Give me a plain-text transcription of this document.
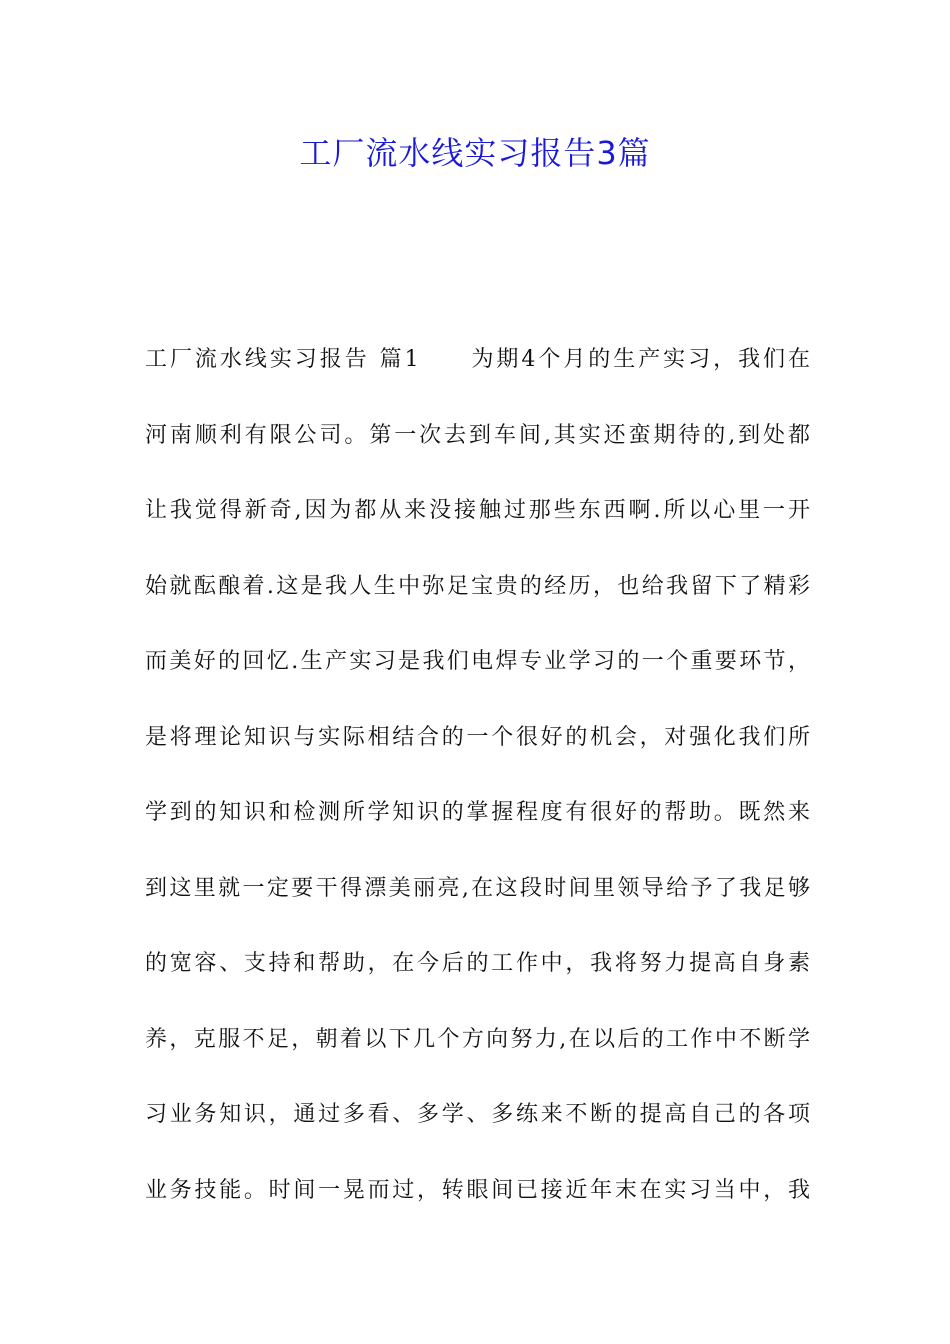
工厂流水线实习报告3篇
工厂流水线实习报告 篇1　　为期4个月的生产实习，我们在
河南顺利有限公司。第一次去到车间,其实还蛮期待的,到处都
让我觉得新奇,因为都从来没接触过那些东西啊.所以心里一开
始就酝酿着.这是我人生中弥足宝贵的经历，也给我留下了精彩
而美好的回忆.生产实习是我们电焊专业学习的一个重要环节，
是将理论知识与实际相结合的一个很好的机会，对强化我们所
学到的知识和检测所学知识的掌握程度有很好的帮助。既然来
到这里就一定要干得漂美丽亮,在这段时间里领导给予了我足够
的宽容、支持和帮助，在今后的工作中，我将努力提高自身素
养，克服不足，朝着以下几个方向努力,在以后的工作中不断学
习业务知识，通过多看、多学、多练来不断的提高自己的各项
业务技能。时间一晃而过，转眼间已接近年末在实习当中，我
